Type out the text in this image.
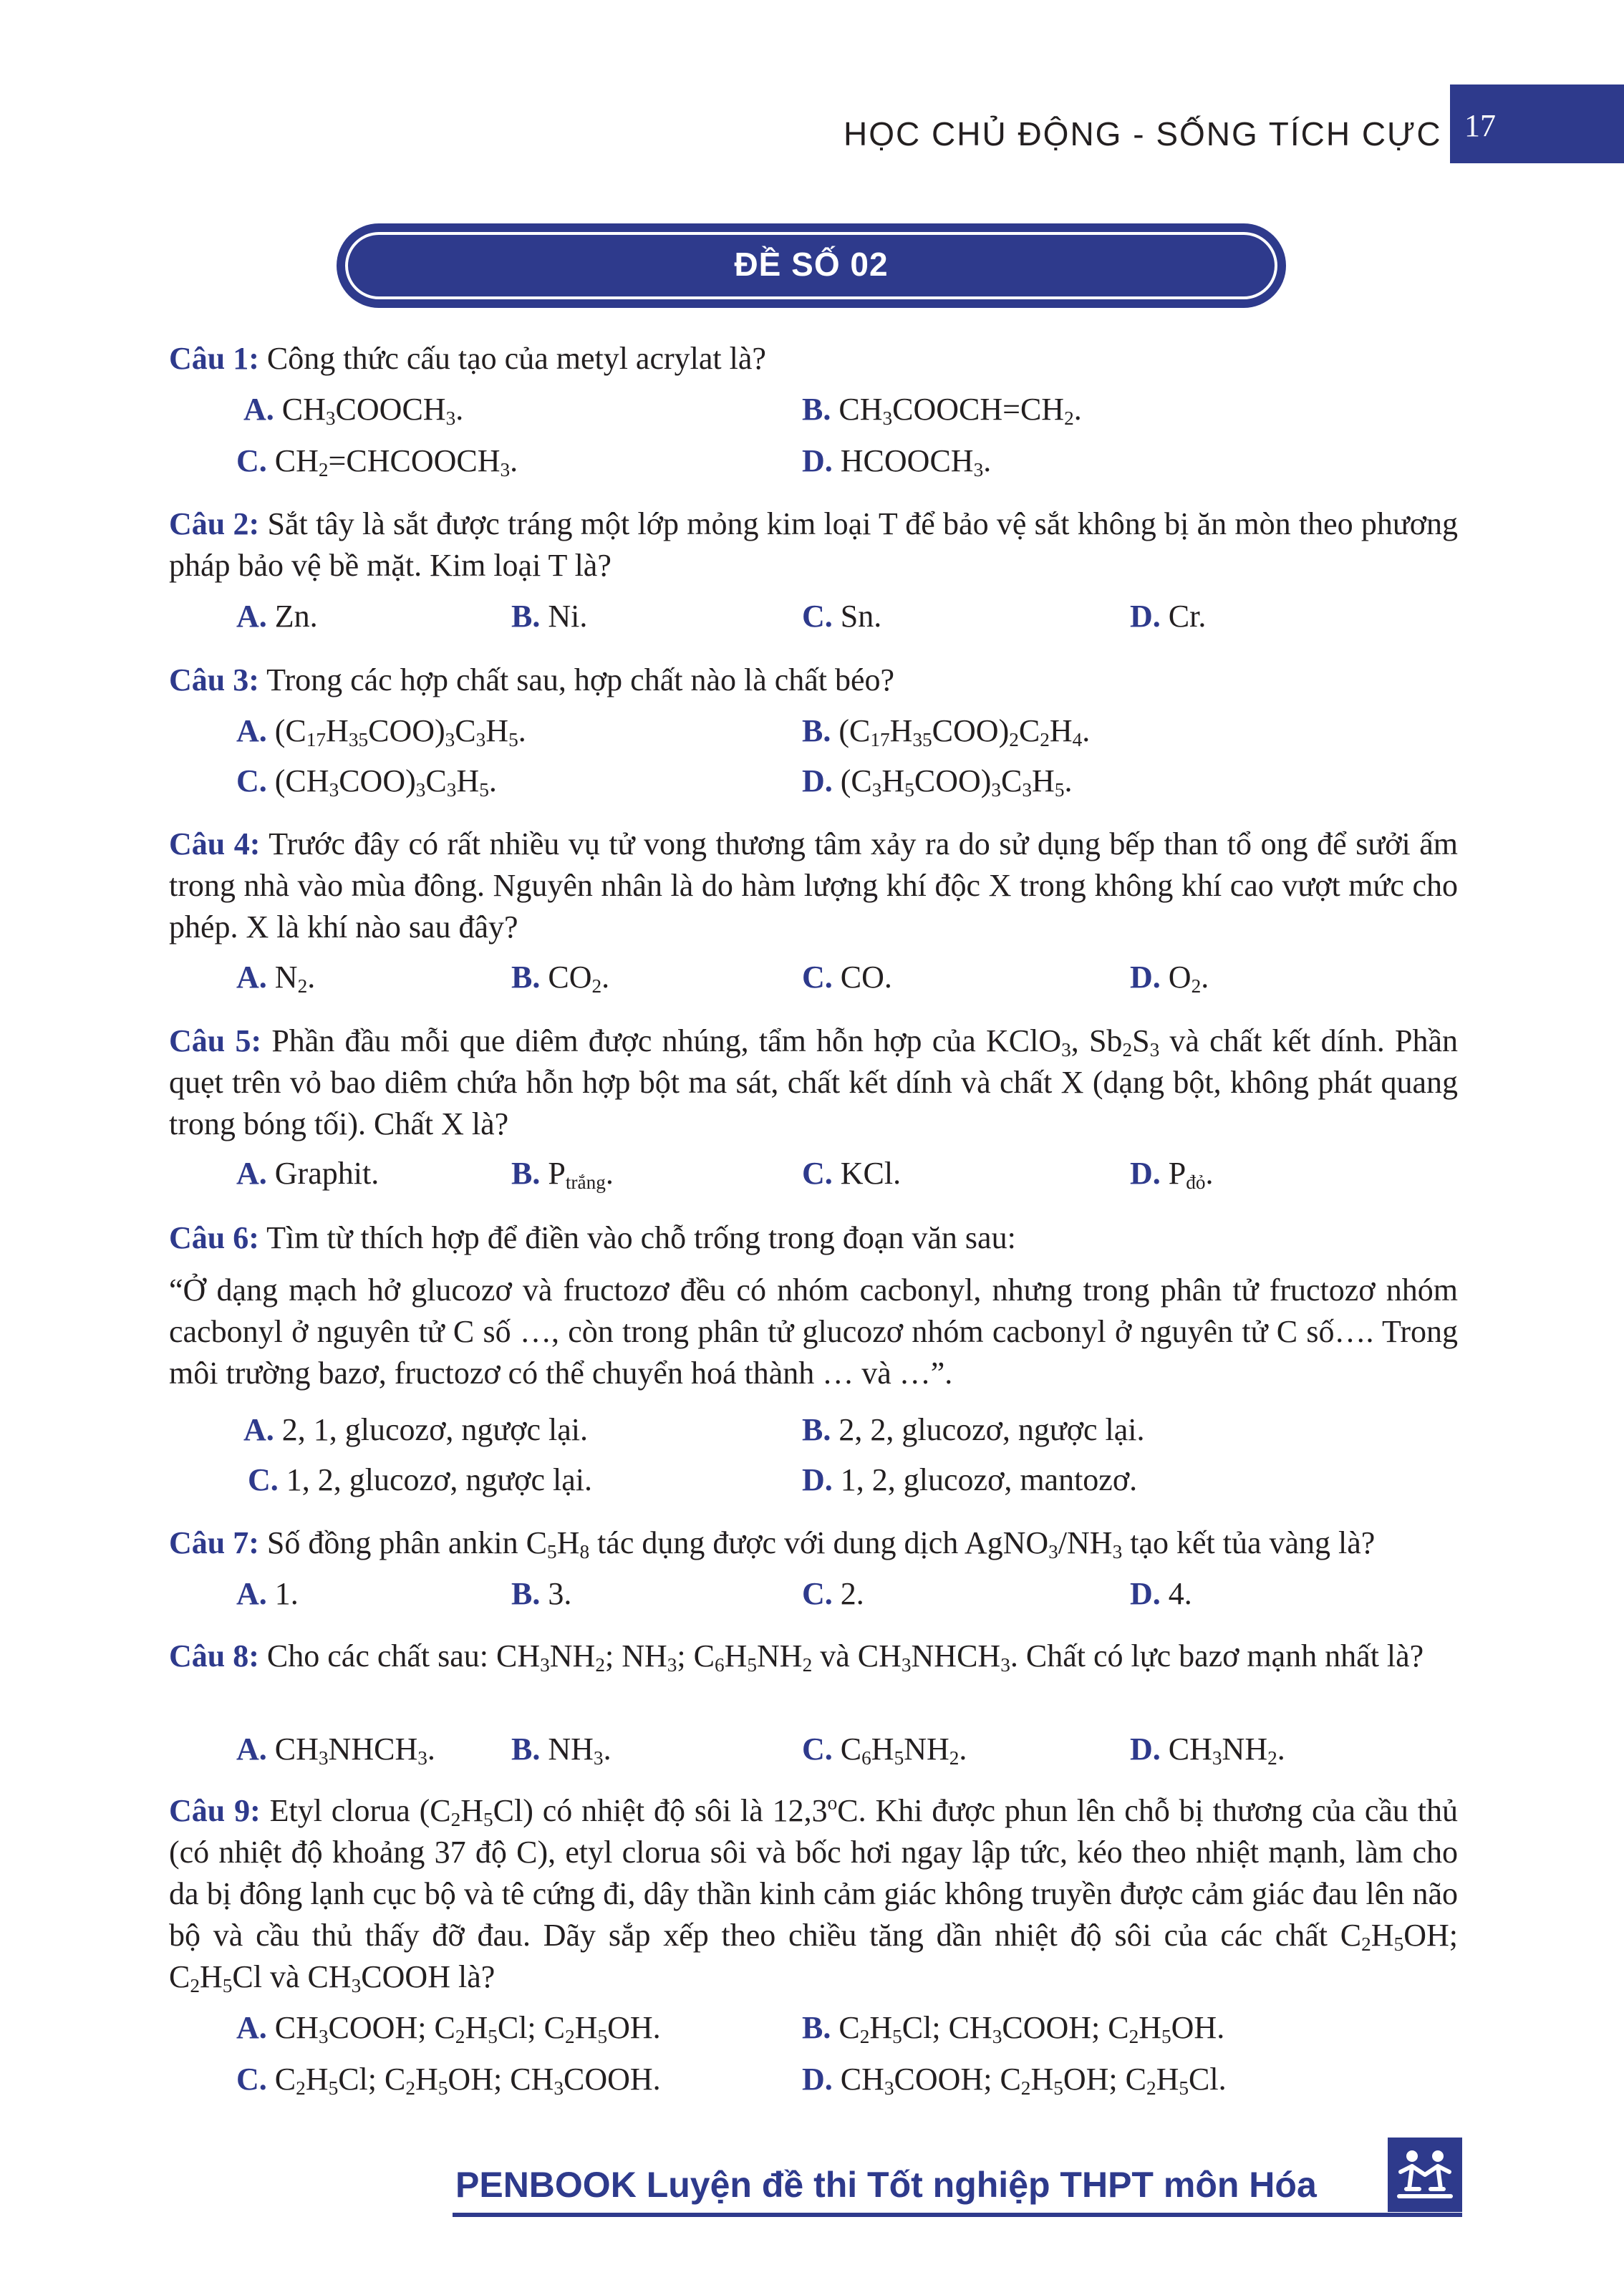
HỌC CHỦ ĐỘNG - SỐNG TÍCH CỰC 17
ĐỀ SỐ 02
Câu 1: Công thức cấu tạo của metyl acrylat là?
A. $CH_3COOCH_3$.	B. $CH_3COOCH=CH_2$.
C. $CH_2=CHCOOCH_3$.	D. $HCOOCH_3$.
Câu 2: Sắt tây là sắt được tráng một lớp mỏng kim loại T để bảo vệ sắt không bị ăn mòn theo phương pháp bảo vệ bề mặt. Kim loại T là?
A. Zn.	B. Ni.	C. Sn.	D. Cr.
Câu 3: Trong các hợp chất sau, hợp chất nào là chất béo?
A. $(C_{17}H_{35}COO)_3C_3H_5$.	B. $(C_{17}H_{35}COO)_2C_2H_4$.
C. $(CH_3COO)_3C_3H_5$.	D. $(C_3H_5COO)_3C_3H_5$.
Câu 4: Trước đây có rất nhiều vụ tử vong thương tâm xảy ra do sử dụng bếp than tổ ong để sưởi ấm trong nhà vào mùa đông. Nguyên nhân là do hàm lượng khí độc X trong không khí cao vượt mức cho phép. X là khí nào sau đây?
A. $N_2$.	B. $CO_2$.	C. CO.	D. $O_2$.
Câu 5: Phần đầu mỗi que diêm được nhúng, tẩm hỗn hợp của KClO$_3$, $Sb_2S_3$ và chất kết dính. Phần quẹt trên vỏ bao diêm chứa hỗn hợp bột ma sát, chất kết dính và chất X (dạng bột, không phát quang trong bóng tối). Chất X là?
A. Graphit.	B. $P_{trắng}$.	C. KCl.	D. $P_{đỏ}$.
Câu 6: Tìm từ thích hợp để điền vào chỗ trống trong đoạn văn sau:
“Ở dạng mạch hở glucozơ và fructozơ đều có nhóm cacbonyl, nhưng trong phân tử fructozơ nhóm cacbonyl ở nguyên tử C số …, còn trong phân tử glucozơ nhóm cacbonyl ở nguyên tử C số…. Trong môi trường bazơ, fructozơ có thể chuyển hoá thành … và …”.
A. 2, 1, glucozơ, ngược lại.	B. 2, 2, glucozơ, ngược lại.
C. 1, 2, glucozơ, ngược lại.	D. 1, 2, glucozơ, mantozơ.
Câu 7: Số đồng phân ankin $C_5H_8$ tác dụng được với dung dịch $AgNO_3/NH_3$ tạo kết tủa vàng là?
A. 1.	B. 3.	C. 2.	D. 4.
Câu 8: Cho các chất sau: $CH_3NH_2$; $NH_3$; $C_6H_5NH_2$ và $CH_3NHCH_3$. Chất có lực bazơ mạnh nhất là?
A. $CH_3NHCH_3$. B. $NH_3$.	C. $C_6H_5NH_2$.	D. $CH_3NH_2$.
Câu 9: Etyl clorua $(C_2H_5Cl)$ có nhiệt độ sôi là 12,3$^o$C. Khi được phun lên chỗ bị thương của cầu thủ (có nhiệt độ khoảng 37 độ C), etyl clorua sôi và bốc hơi ngay lập tức, kéo theo nhiệt mạnh, làm cho da bị đông lạnh cục bộ và tê cứng đi, dây thần kinh cảm giác không truyền được cảm giác đau lên não bộ và cầu thủ thấy đỡ đau. Dãy sắp xếp theo chiều tăng dần nhiệt độ sôi của các chất $C_2H_5OH$; $C_2H_5Cl$ và $CH_3COOH$ là?
A. $CH_3COOH$; $C_2H_5Cl$; $C_2H_5OH$.	B. $C_2H_5Cl$; $CH_3COOH$; $C_2H_5OH$.
C. $C_2H_5Cl$; $C_2H_5OH$; $CH_3COOH$.	D. $CH_3COOH$; $C_2H_5OH$; $C_2H_5Cl$.
PENBOOK Luyện đề thi Tốt nghiệp THPT môn Hóa
